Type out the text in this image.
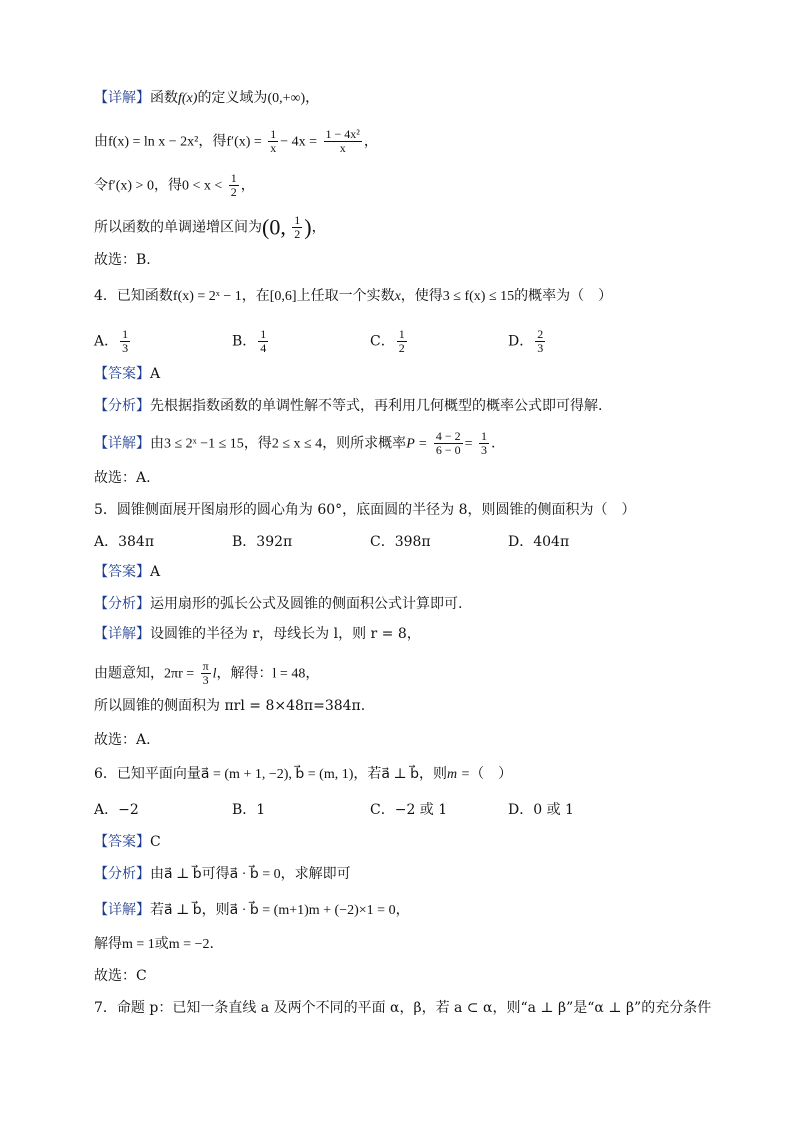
【详解】函数f(x)的定义域为(0,+∞)，
由f(x) = ln x − 2x²，得$f'(x) = \frac{1}{x} - 4x = \frac{\text{1 − 4x²}}{x}$ ，
令f′(x) > 0，得$0 < x < \frac{1}{2}$ ，
所以函数的单调递增区间为(0, $\frac{1}{2}$ )，
故选：B.
4．已知函数f(x) = 2ˣ − 1，在[0,6]上任取一个实数x，使得3 ≤ f(x) ≤ 15的概率为（　）
A． $\frac{1}{3}$	B． $\frac{1}{4}$	C． $\frac{1}{2}$	D． $\frac{2}{3}$
【答案】A
【分析】先根据指数函数的单调性解不等式，再利用几何概型的概率公式即可得解.
【详解】由3 ≤ 2ˣ −1 ≤ 15，得2 ≤ x ≤ 4，则所求概率$P = \frac{4 - 2}{6 - 0} = \frac{1}{3}$ .
故选：A.
5．圆锥侧面展开图扇形的圆心角为 60°，底面圆的半径为 8，则圆锥的侧面积为（　）
A．384π	B．392π	C．398π	D．404π
【答案】A
【分析】运用扇形的弧长公式及圆锥的侧面积公式计算即可.
【详解】设圆锥的半径为 r，母线长为 l，则 r = 8，
由题意知，$2\pi r = \frac{\pi}{3}$ l，解得：l = 48，
所以圆锥的侧面积为 πrl = 8×48π=384π.
故选：A.
6．已知平面向量a⃗ = (m + 1, −2), b⃗ = (m, 1)，若a⃗ ⊥ b⃗，则m =（　）
A．−2	B．1	C．−2 或 1	D．0 或 1
【答案】C
【分析】由a⃗ ⊥ b⃗可得a⃗ · b⃗ = 0，求解即可
【详解】若a⃗ ⊥ b⃗，则a⃗ · b⃗ = (m+1)m + (−2)×1 = 0，
解得m = 1或m = −2.
故选：C
7．命题 p：已知一条直线 a 及两个不同的平面 α，β，若 a ⊂ α，则“a ⊥ β”是“α ⊥ β”的充分条件
